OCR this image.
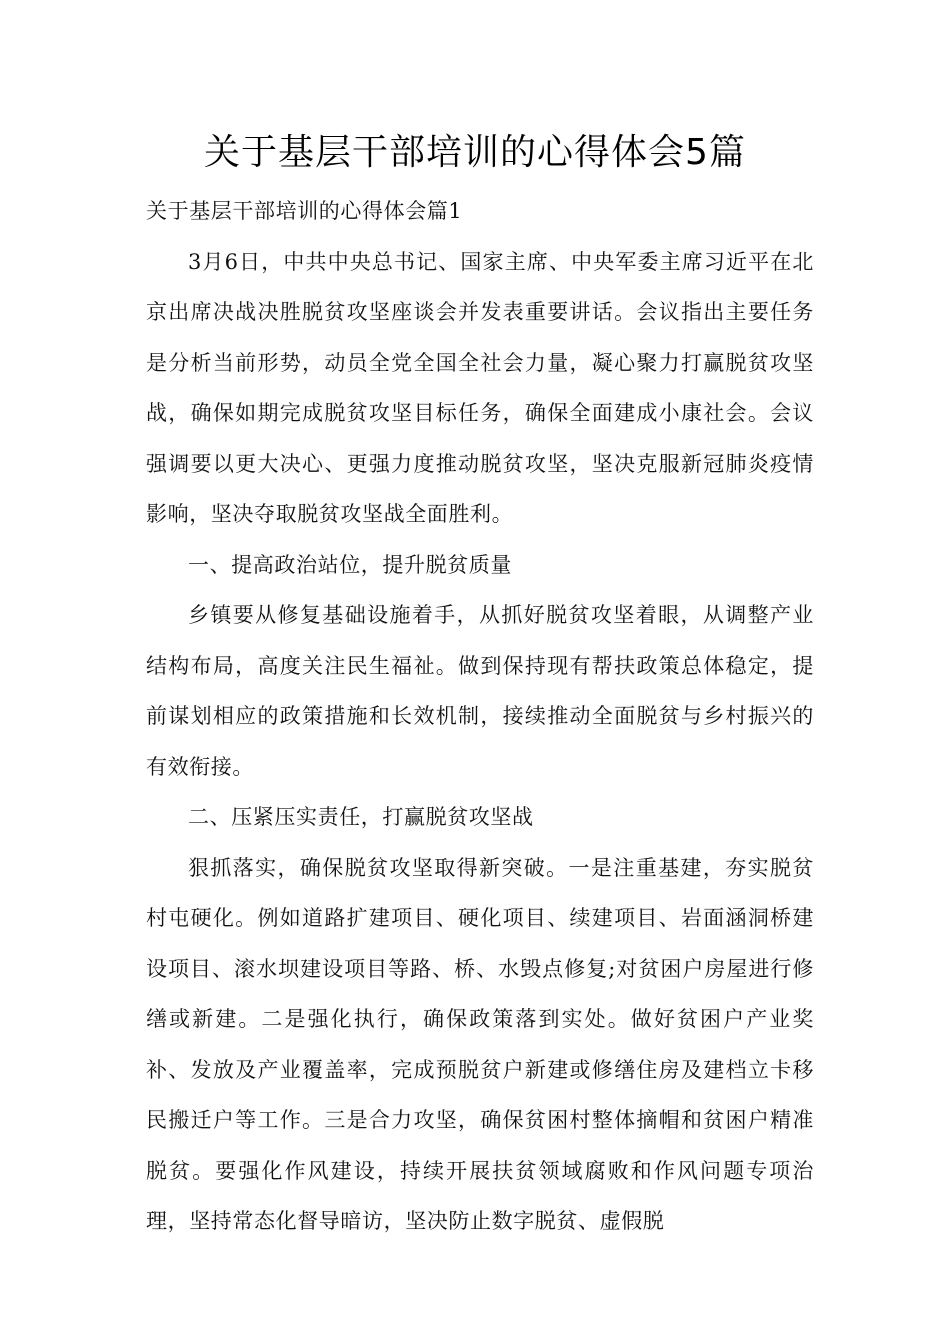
关于基层干部培训的心得体会5篇

关于基层干部培训的心得体会篇1

3月6日，中共中央总书记、国家主席、中央军委主席习近平在北京出席决战决胜脱贫攻坚座谈会并发表重要讲话。会议指出主要任务是分析当前形势，动员全党全国全社会力量，凝心聚力打赢脱贫攻坚战，确保如期完成脱贫攻坚目标任务，确保全面建成小康社会。会议强调要以更大决心、更强力度推动脱贫攻坚，坚决克服新冠肺炎疫情影响，坚决夺取脱贫攻坚战全面胜利。

一、提高政治站位，提升脱贫质量

乡镇要从修复基础设施着手，从抓好脱贫攻坚着眼，从调整产业结构布局，高度关注民生福祉。做到保持现有帮扶政策总体稳定，提前谋划相应的政策措施和长效机制，接续推动全面脱贫与乡村振兴的有效衔接。

二、压紧压实责任，打赢脱贫攻坚战

狠抓落实，确保脱贫攻坚取得新突破。一是注重基建，夯实脱贫村屯硬化。例如道路扩建项目、硬化项目、续建项目、岩面涵洞桥建设项目、滚水坝建设项目等路、桥、水毁点修复;对贫困户房屋进行修缮或新建。二是强化执行，确保政策落到实处。做好贫困户产业奖补、发放及产业覆盖率，完成预脱贫户新建或修缮住房及建档立卡移民搬迁户等工作。三是合力攻坚，确保贫困村整体摘帽和贫困户精准脱贫。要强化作风建设，持续开展扶贫领域腐败和作风问题专项治理，坚持常态化督导暗访，坚决防止数字脱贫、虚假脱
